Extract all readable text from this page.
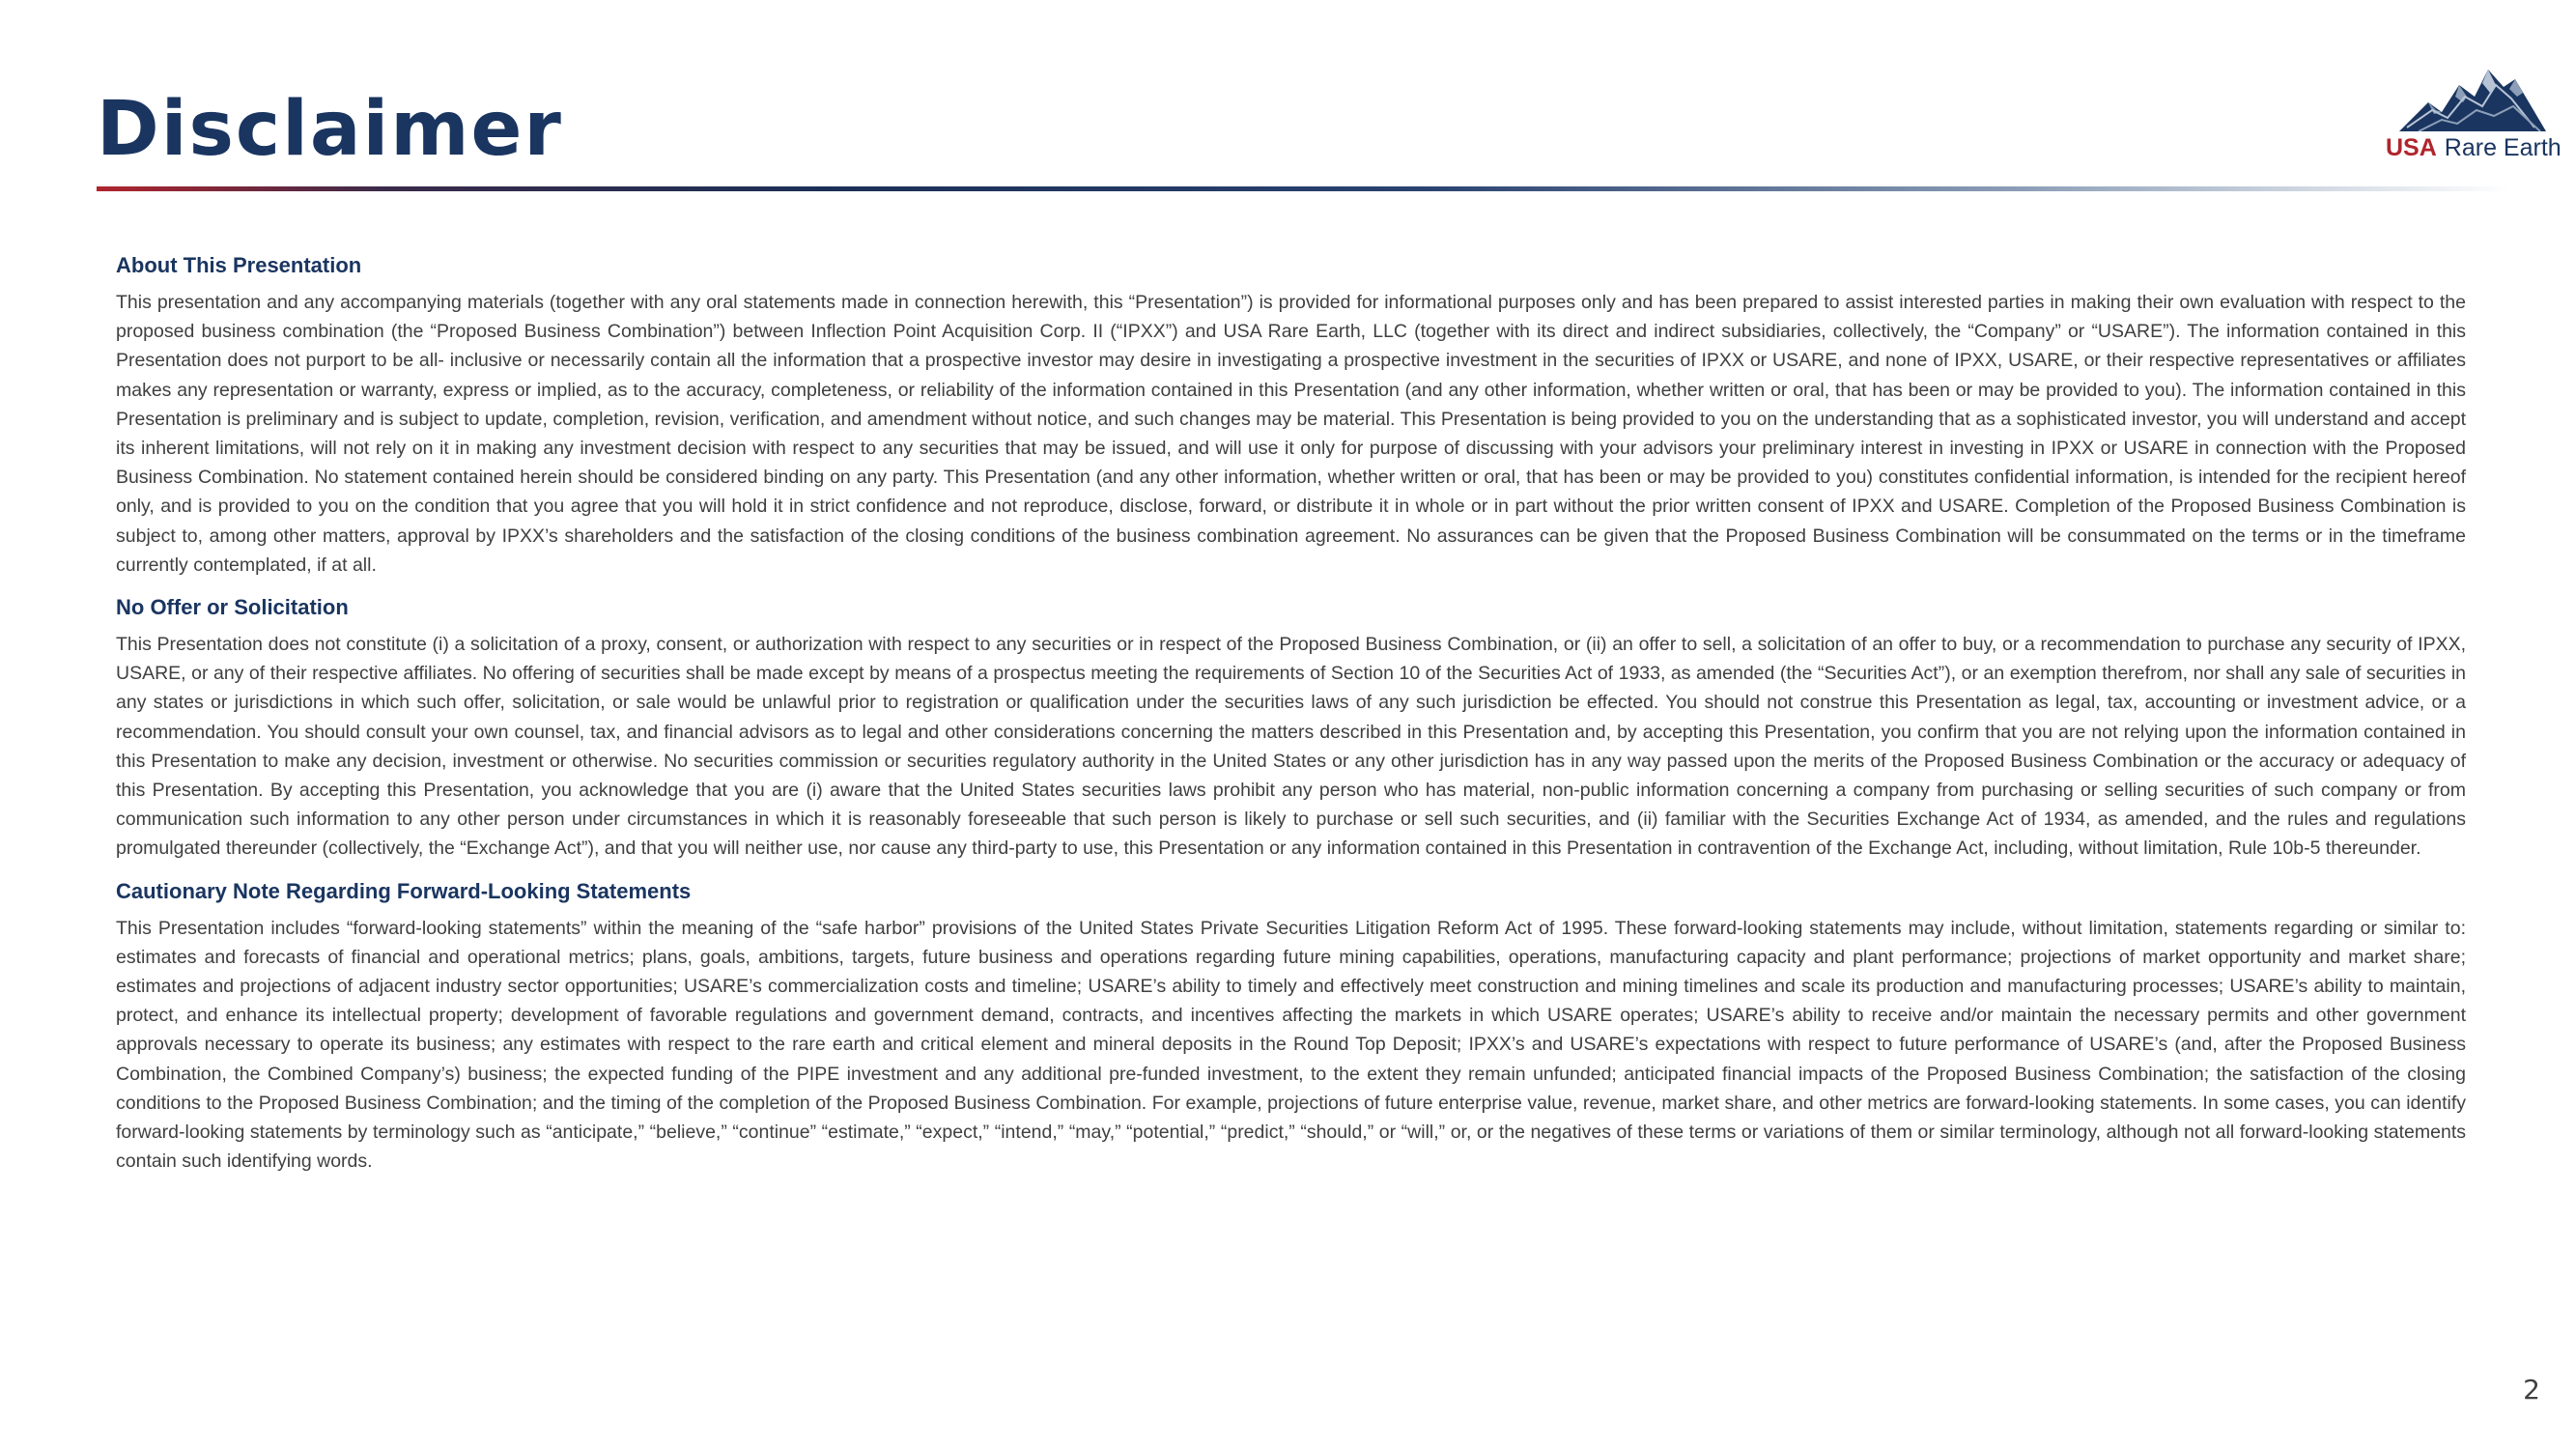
Disclaimer	USA Rare Earth
About This Presentation

This presentation and any accompanying materials (together with any oral statements made in connection herewith, this “Presentation”) is provided for informational purposes only and has been prepared to assist interested parties in making their own evaluation with respect to the proposed business combination (the “Proposed Business Combination”) between Inflection Point Acquisition Corp. II (“IPXX”) and USA Rare Earth, LLC (together with its direct and indirect subsidiaries, collectively, the “Company” or “USARE”). The information contained in this Presentation does not purport to be all- inclusive or necessarily contain all the information that a prospective investor may desire in investigating a prospective investment in the securities of IPXX or USARE, and none of IPXX, USARE, or their respective representatives or affiliates makes any representation or warranty, express or implied, as to the accuracy, completeness, or reliability of the information contained in this Presentation (and any other information, whether written or oral, that has been or may be provided to you). The information contained in this Presentation is preliminary and is subject to update, completion, revision, verification, and amendment without notice, and such changes may be material. This Presentation is being provided to you on the understanding that as a sophisticated investor, you will understand and accept its inherent limitations, will not rely on it in making any investment decision with respect to any securities that may be issued, and will use it only for purpose of discussing with your advisors your preliminary interest in investing in IPXX or USARE in connection with the Proposed Business Combination. No statement contained herein should be considered binding on any party. This Presentation (and any other information, whether written or oral, that has been or may be provided to you) constitutes confidential information, is intended for the recipient hereof only, and is provided to you on the condition that you agree that you will hold it in strict confidence and not reproduce, disclose, forward, or distribute it in whole or in part without the prior written consent of IPXX and USARE. Completion of the Proposed Business Combination is subject to, among other matters, approval by IPXX’s shareholders and the satisfaction of the closing conditions of the business combination agreement. No assurances can be given that the Proposed Business Combination will be consummated on the terms or in the timeframe currently contemplated, if at all.

No Offer or Solicitation

This Presentation does not constitute (i) a solicitation of a proxy, consent, or authorization with respect to any securities or in respect of the Proposed Business Combination, or (ii) an offer to sell, a solicitation of an offer to buy, or a recommendation to purchase any security of IPXX, USARE, or any of their respective affiliates. No offering of securities shall be made except by means of a prospectus meeting the requirements of Section 10 of the Securities Act of 1933, as amended (the “Securities Act”), or an exemption therefrom, nor shall any sale of securities in any states or jurisdictions in which such offer, solicitation, or sale would be unlawful prior to registration or qualification under the securities laws of any such jurisdiction be effected. You should not construe this Presentation as legal, tax, accounting or investment advice, or a recommendation. You should consult your own counsel, tax, and financial advisors as to legal and other considerations concerning the matters described in this Presentation and, by accepting this Presentation, you confirm that you are not relying upon the information contained in this Presentation to make any decision, investment or otherwise. No securities commission or securities regulatory authority in the United States or any other jurisdiction has in any way passed upon the merits of the Proposed Business Combination or the accuracy or adequacy of this Presentation. By accepting this Presentation, you acknowledge that you are (i) aware that the United States securities laws prohibit any person who has material, non-public information concerning a company from purchasing or selling securities of such company or from communication such information to any other person under circumstances in which it is reasonably foreseeable that such person is likely to purchase or sell such securities, and (ii) familiar with the Securities Exchange Act of 1934, as amended, and the rules and regulations promulgated thereunder (collectively, the “Exchange Act”), and that you will neither use, nor cause any third-party to use, this Presentation or any information contained in this Presentation in contravention of the Exchange Act, including, without limitation, Rule 10b-5 thereunder.

Cautionary Note Regarding Forward-Looking Statements

This Presentation includes “forward-looking statements” within the meaning of the “safe harbor” provisions of the United States Private Securities Litigation Reform Act of 1995. These forward-looking statements may include, without limitation, statements regarding or similar to: estimates and forecasts of financial and operational metrics; plans, goals, ambitions, targets, future business and operations regarding future mining capabilities, operations, manufacturing capacity and plant performance; projections of market opportunity and market share; estimates and projections of adjacent industry sector opportunities; USARE’s commercialization costs and timeline; USARE’s ability to timely and effectively meet construction and mining timelines and scale its production and manufacturing processes; USARE’s ability to maintain, protect, and enhance its intellectual property; development of favorable regulations and government demand, contracts, and incentives affecting the markets in which USARE operates; USARE’s ability to receive and/or maintain the necessary permits and other government approvals necessary to operate its business; any estimates with respect to the rare earth and critical element and mineral deposits in the Round Top Deposit; IPXX’s and USARE’s expectations with respect to future performance of USARE’s (and, after the Proposed Business Combination, the Combined Company’s) business; the expected funding of the PIPE investment and any additional pre-funded investment, to the extent they remain unfunded; anticipated financial impacts of the Proposed Business Combination; the satisfaction of the closing conditions to the Proposed Business Combination; and the timing of the completion of the Proposed Business Combination. For example, projections of future enterprise value, revenue, market share, and other metrics are forward-looking statements. In some cases, you can identify forward-looking statements by terminology such as “anticipate,” “believe,” “continue” “estimate,” “expect,” “intend,” “may,” “potential,” “predict,” “should,” or “will,” or, or the negatives of these terms or variations of them or similar terminology, although not all forward-looking statements contain such identifying words.

2
